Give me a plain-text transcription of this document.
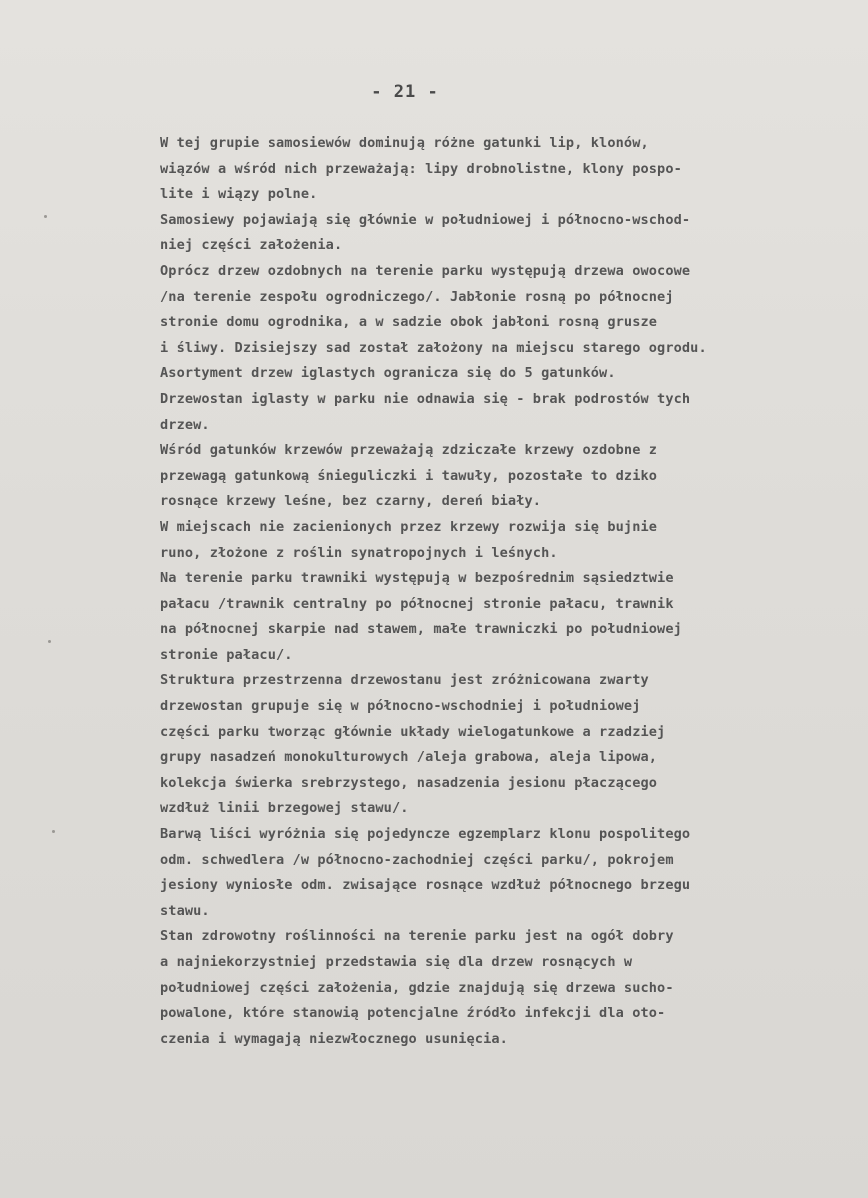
- 21 -
W tej grupie samosiewów dominują różne gatunki lip, klonów,
wiązów a wśród nich przeważają: lipy drobnolistne, klony pospo-
lite i wiązy polne.
Samosiewy pojawiają się głównie w południowej i północno-wschod-
niej części założenia.
Oprócz drzew ozdobnych na terenie parku występują drzewa owocowe
/na terenie zespołu ogrodniczego/. Jabłonie rosną po północnej
stronie domu ogrodnika, a w sadzie obok jabłoni rosną grusze
i śliwy. Dzisiejszy sad został założony na miejscu starego ogrodu.
Asortyment drzew iglastych ogranicza się do 5 gatunków.
Drzewostan iglasty w parku nie odnawia się - brak podrostów tych
drzew.
Wśród gatunków krzewów przeważają zdziczałe krzewy ozdobne z
przewagą gatunkową śnieguliczki i tawuły, pozostałe to dziko
rosnące krzewy leśne, bez czarny, dereń biały.
W miejscach nie zacienionych przez krzewy rozwija się bujnie
runo, złożone z roślin synatropojnych i leśnych.
Na terenie parku trawniki występują w bezpośrednim sąsiedztwie
pałacu /trawnik centralny po północnej stronie pałacu, trawnik
na północnej skarpie nad stawem, małe trawniczki po południowej
stronie pałacu/.
Struktura przestrzenna drzewostanu jest zróżnicowana zwarty
drzewostan grupuje się w północno-wschodniej i południowej
części parku tworząc głównie układy wielogatunkowe a rzadziej
grupy nasadzeń monokulturowych /aleja grabowa, aleja lipowa,
kolekcja świerka srebrzystego, nasadzenia jesionu płaczącego
wzdłuż linii brzegowej stawu/.
Barwą liści wyróżnia się pojedyncze egzemplarz klonu pospolitego
odm. schwedlera /w północno-zachodniej części parku/, pokrojem
jesiony wyniosłe odm. zwisające rosnące wzdłuż północnego brzegu
stawu.
Stan zdrowotny roślinności na terenie parku jest na ogół dobry
a najniekorzystniej przedstawia się dla drzew rosnących w
południowej części założenia, gdzie znajdują się drzewa sucho-
powalone, które stanowią potencjalne źródło infekcji dla oto-
czenia i wymagają niezwłocznego usunięcia.
